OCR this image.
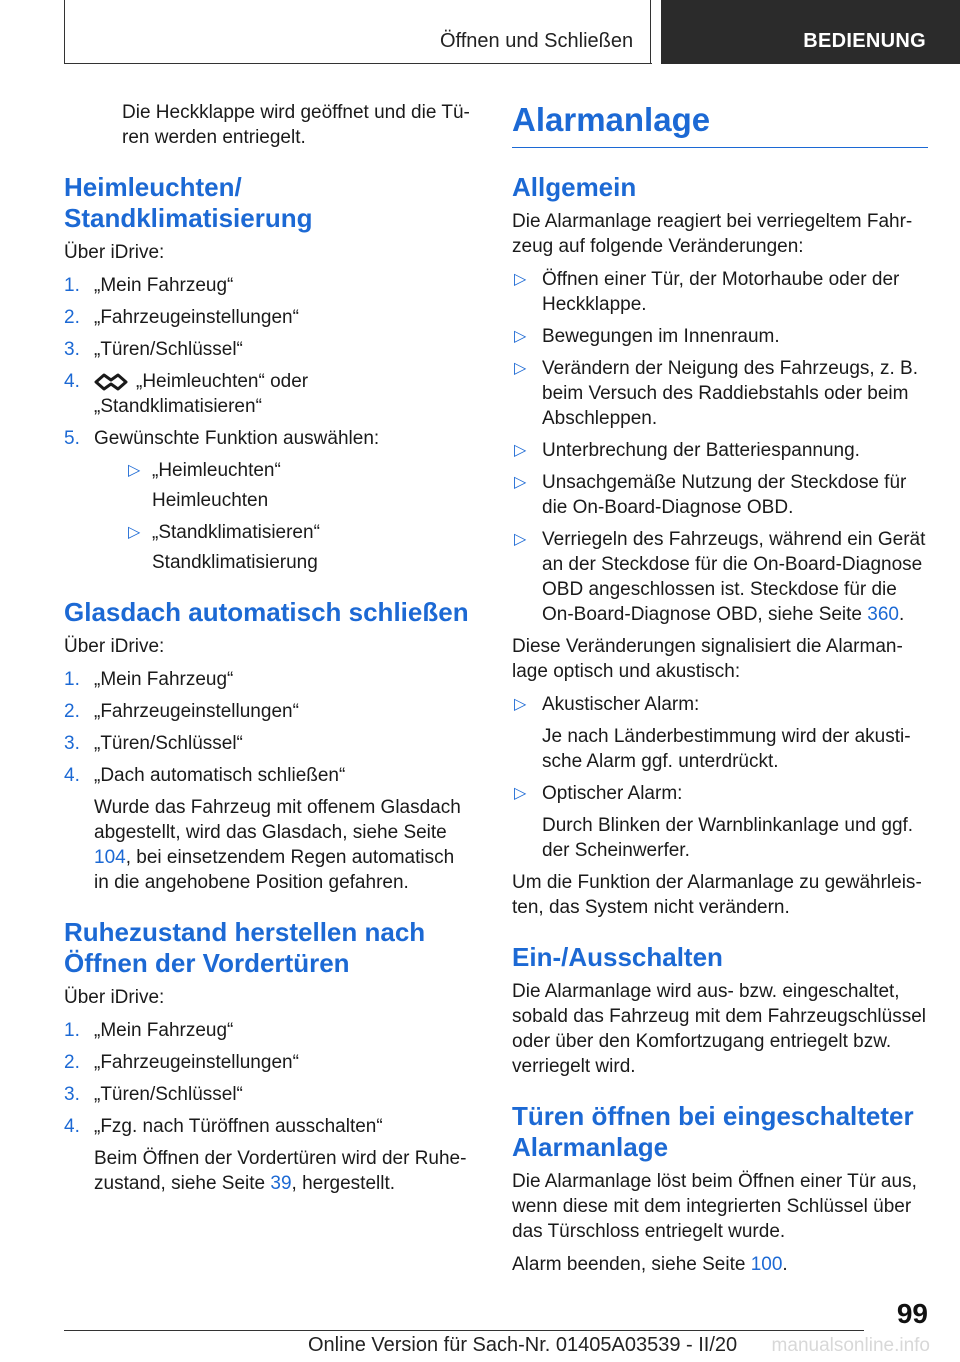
Öffnen und Schließen	BEDIENUNG

Die Heckklappe wird geöffnet und die Türen werden entriegelt.

Heimleuchten/ Standklimatisierung

Über iDrive:

1. „Mein Fahrzeug“
2. „Fahrzeugeinstellungen“
3. „Türen/Schlüssel“
4.	„Heimleuchten“ oder „Standklimatisieren“
5. Gewünschte Funktion auswählen:
▷ „Heimleuchten“
Heimleuchten
▷ „Standklimatisieren“
Standklimatisierung
Glasdach automatisch schließen

Über iDrive:

1. „Mein Fahrzeug“
2. „Fahrzeugeinstellungen“
3. „Türen/Schlüssel“
4. „Dach automatisch schließen“
Wurde das Fahrzeug mit offenem Glasdach abgestellt, wird das Glasdach, siehe Seite 104, bei einsetzendem Regen automatisch in die angehobene Position gefahren.
Ruhezustand herstellen nach Öffnen der Vordertüren

Über iDrive:

1. „Mein Fahrzeug“
2. „Fahrzeugeinstellungen“
3. „Türen/Schlüssel“
4. „Fzg. nach Türöffnen ausschalten“
Beim Öffnen der Vordertüren wird der Ruhezustand, siehe Seite 39, hergestellt.
Alarmanlage
Allgemein

Die Alarmanlage reagiert bei verriegeltem Fahrzeug auf folgende Veränderungen:

▷ Öffnen einer Tür, der Motorhaube oder der Heckklappe.
▷ Bewegungen im Innenraum.
▷ Verändern der Neigung des Fahrzeugs, z. B. beim Versuch des Raddiebstahls oder beim Abschleppen.
▷ Unterbrechung der Batteriespannung.
▷ Unsachgemäße Nutzung der Steckdose für die On-Board-Diagnose OBD.
▷ Verriegeln des Fahrzeugs, während ein Gerät an der Steckdose für die On-Board-Diagnose OBD angeschlossen ist. Steckdose für die On-Board-Diagnose OBD, siehe Seite 360.

Diese Veränderungen signalisiert die Alarmanlage optisch und akustisch:

▷ Akustischer Alarm:
Je nach Länderbestimmung wird der akustische Alarm ggf. unterdrückt.
▷ Optischer Alarm:
Durch Blinken der Warnblinkanlage und ggf. der Scheinwerfer.

Um die Funktion der Alarmanlage zu gewährleisten, das System nicht verändern.

Ein-/Ausschalten

Die Alarmanlage wird aus- bzw. eingeschaltet, sobald das Fahrzeug mit dem Fahrzeugschlüssel oder über den Komfortzugang entriegelt bzw. verriegelt wird.

Türen öffnen bei eingeschalteter Alarmanlage

Die Alarmanlage löst beim Öffnen einer Tür aus, wenn diese mit dem integrierten Schlüssel über das Türschloss entriegelt wurde.

Alarm beenden, siehe Seite 100.

99
Online Version für Sach-Nr. 01405A03539 - II/20 manualsonline.info
